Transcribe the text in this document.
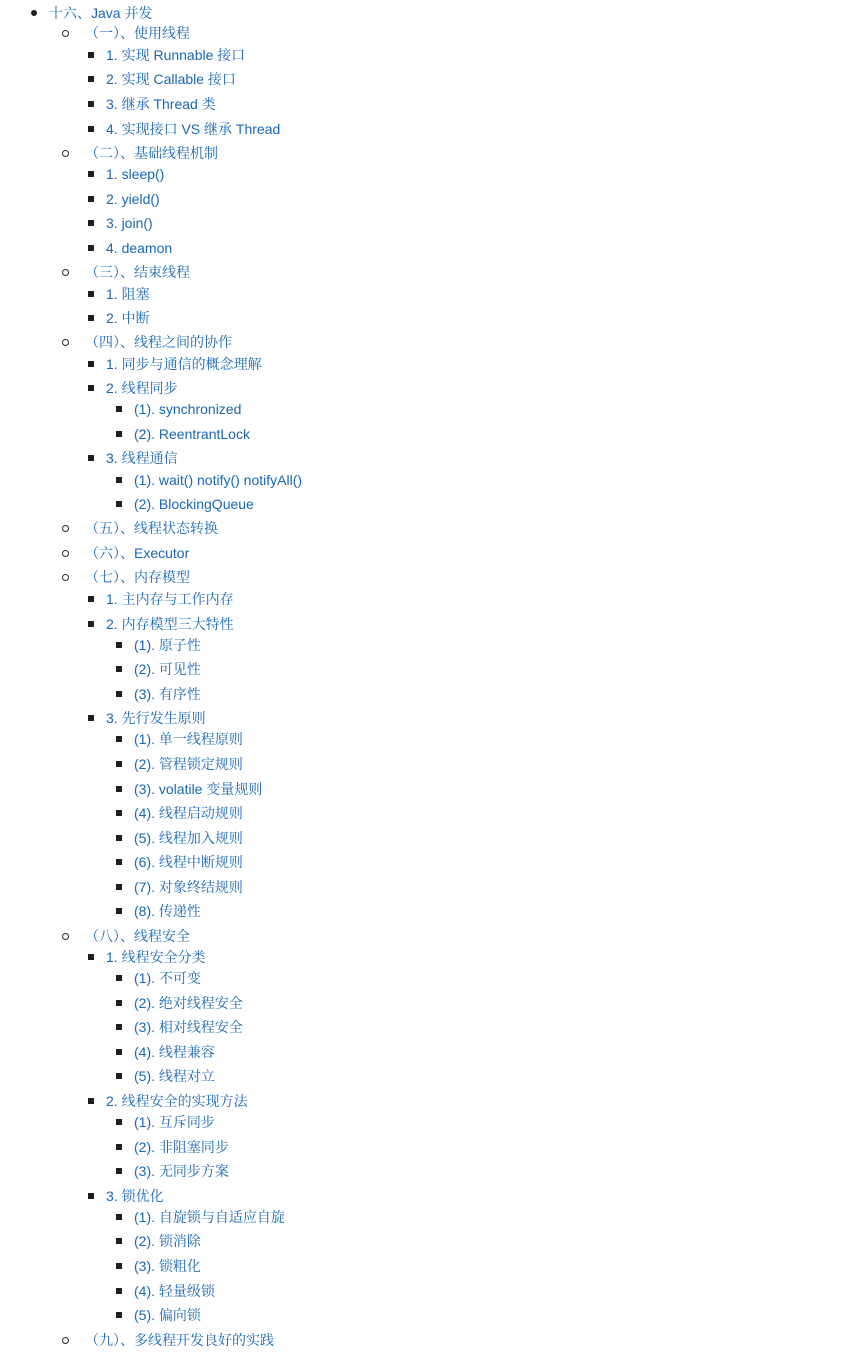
十六、Java 并发
（一）、使用线程
1. 实现 Runnable 接口
2. 实现 Callable 接口
3. 继承 Thread 类
4. 实现接口 VS 继承 Thread
（二）、基础线程机制
1. sleep()
2. yield()
3. join()
4. deamon
（三）、结束线程
1. 阻塞
2. 中断
（四）、线程之间的协作
1. 同步与通信的概念理解
2. 线程同步
(1). synchronized
(2). ReentrantLock
3. 线程通信
(1). wait() notify() notifyAll()
(2). BlockingQueue
（五）、线程状态转换
（六）、Executor
（七）、内存模型
1. 主内存与工作内存
2. 内存模型三大特性
(1). 原子性
(2). 可见性
(3). 有序性
3. 先行发生原则
(1). 单一线程原则
(2). 管程锁定规则
(3). volatile 变量规则
(4). 线程启动规则
(5). 线程加入规则
(6). 线程中断规则
(7). 对象终结规则
(8). 传递性
（八）、线程安全
1. 线程安全分类
(1). 不可变
(2). 绝对线程安全
(3). 相对线程安全
(4). 线程兼容
(5). 线程对立
2. 线程安全的实现方法
(1). 互斥同步
(2). 非阻塞同步
(3). 无同步方案
3. 锁优化
(1). 自旋锁与自适应自旋
(2). 锁消除
(3). 锁粗化
(4). 轻量级锁
(5). 偏向锁
（九）、多线程开发良好的实践
